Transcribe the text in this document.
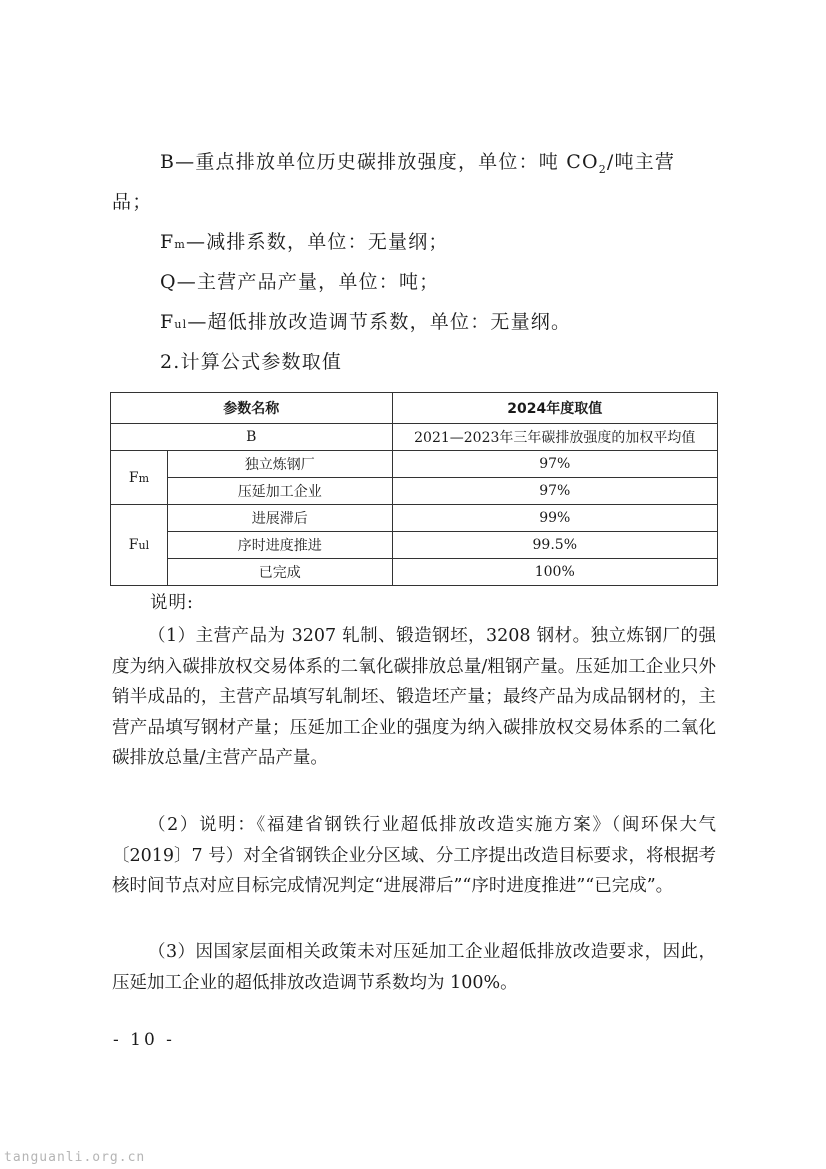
B—重点排放单位历史碳排放强度，单位：吨 $CO_2/$吨主营
品；
Fm—减排系数，单位：无量纲；
Q—主营产品产量，单位：吨；
Ful—超低排放改造调节系数，单位：无量纲。
2.计算公式参数取值
参数名称		2024年度取值
B		2021—2023年三年碳排放强度的加权平均值
Fm	独立炼钢厂	97%
	压延加工企业	97%
Ful	进展滞后	99%
	序时进度推进	99.5%
	已完成	100%
说明:
（1）主营产品为 3207 轧制、锻造钢坯，3208 钢材。独立炼钢厂的强度为纳入碳排放权交易体系的二氧化碳排放总量/粗钢产量。压延加工企业只外销半成品的，主营产品填写轧制坯、锻造坯产量；最终产品为成品钢材的，主营产品填写钢材产量；压延加工企业的强度为纳入碳排放权交易体系的二氧化碳排放总量/主营产品产量。
（2）说明：《福建省钢铁行业超低排放改造实施方案》（闽环保大气〔2019〕7 号）对全省钢铁企业分区域、分工序提出改造目标要求，将根据考核时间节点对应目标完成情况判定“进展滞后”“序时进度推进”“已完成”。
（3）因国家层面相关政策未对压延加工企业超低排放改造要求，因此，压延加工企业的超低排放改造调节系数均为 100%。
- 10 -
tanguanli.org.cn
